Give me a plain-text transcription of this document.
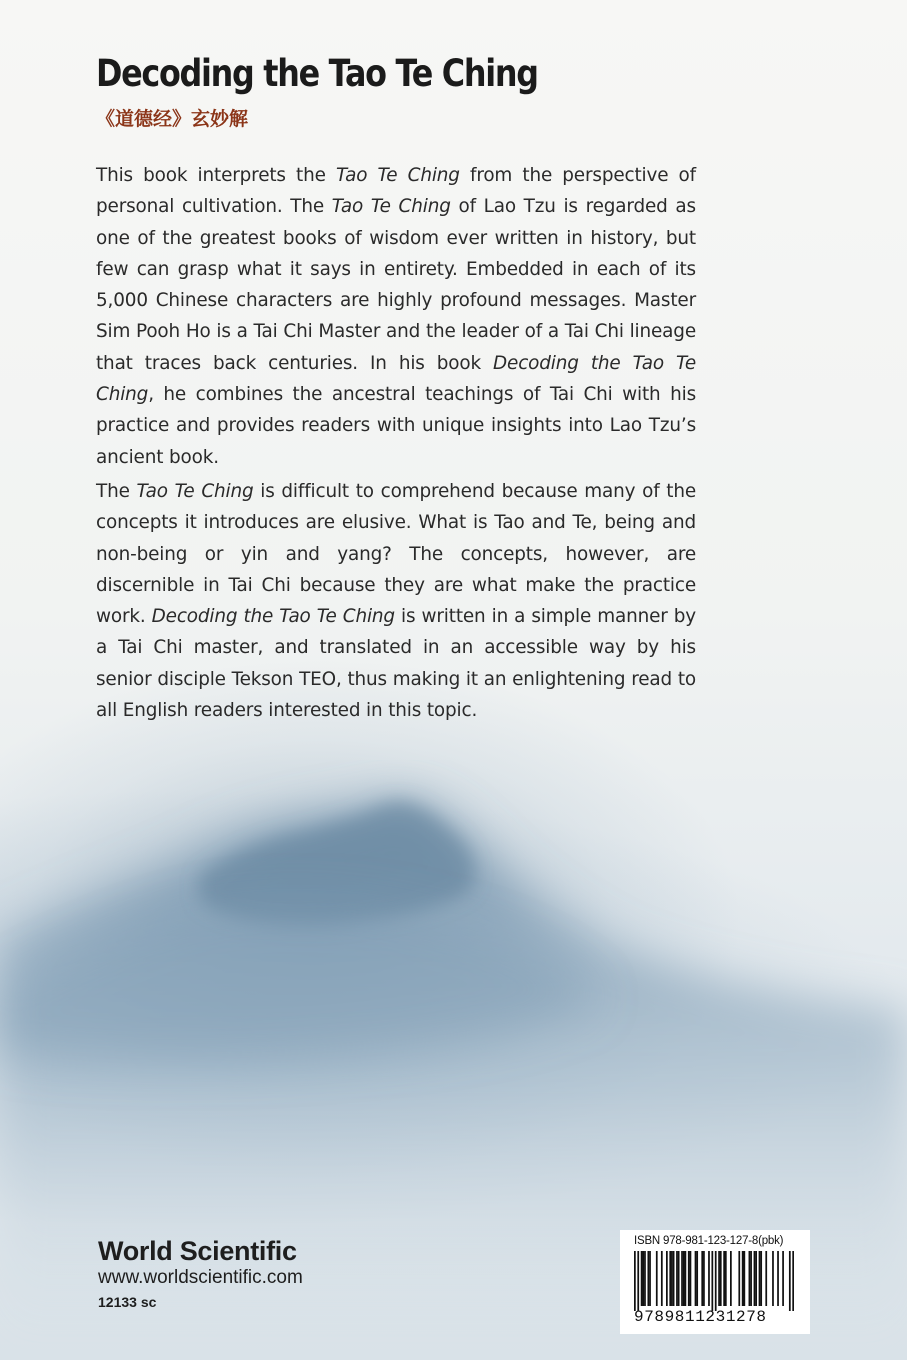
Decoding the Tao Te Ching
《道德经》玄妙解

This book interprets the Tao Te Ching from the perspective of personal cultivation. The Tao Te Ching of Lao Tzu is regarded as one of the greatest books of wisdom ever written in history, but few can grasp what it says in entirety. Embedded in each of its 5,000 Chinese characters are highly profound messages. Master Sim Pooh Ho is a Tai Chi Master and the leader of a Tai Chi lineage that traces back centuries. In his book Decoding the Tao Te Ching, he combines the ancestral teachings of Tai Chi with his practice and provides readers with unique insights into Lao Tzu’s ancient book.

The Tao Te Ching is difficult to comprehend because many of the concepts it introduces are elusive. What is Tao and Te, being and non-being or yin and yang? The concepts, however, are discernible in Tai Chi because they are what make the practice work. Decoding the Tao Te Ching is written in a simple manner by a Tai Chi master, and translated in an accessible way by his senior disciple Tekson TEO, thus making it an enlightening read to all English readers interested in this topic.

World Scientific
www.worldscientific.com
12133 sc
ISBN 978-981-123-127-8(pbk)
9789811231278
